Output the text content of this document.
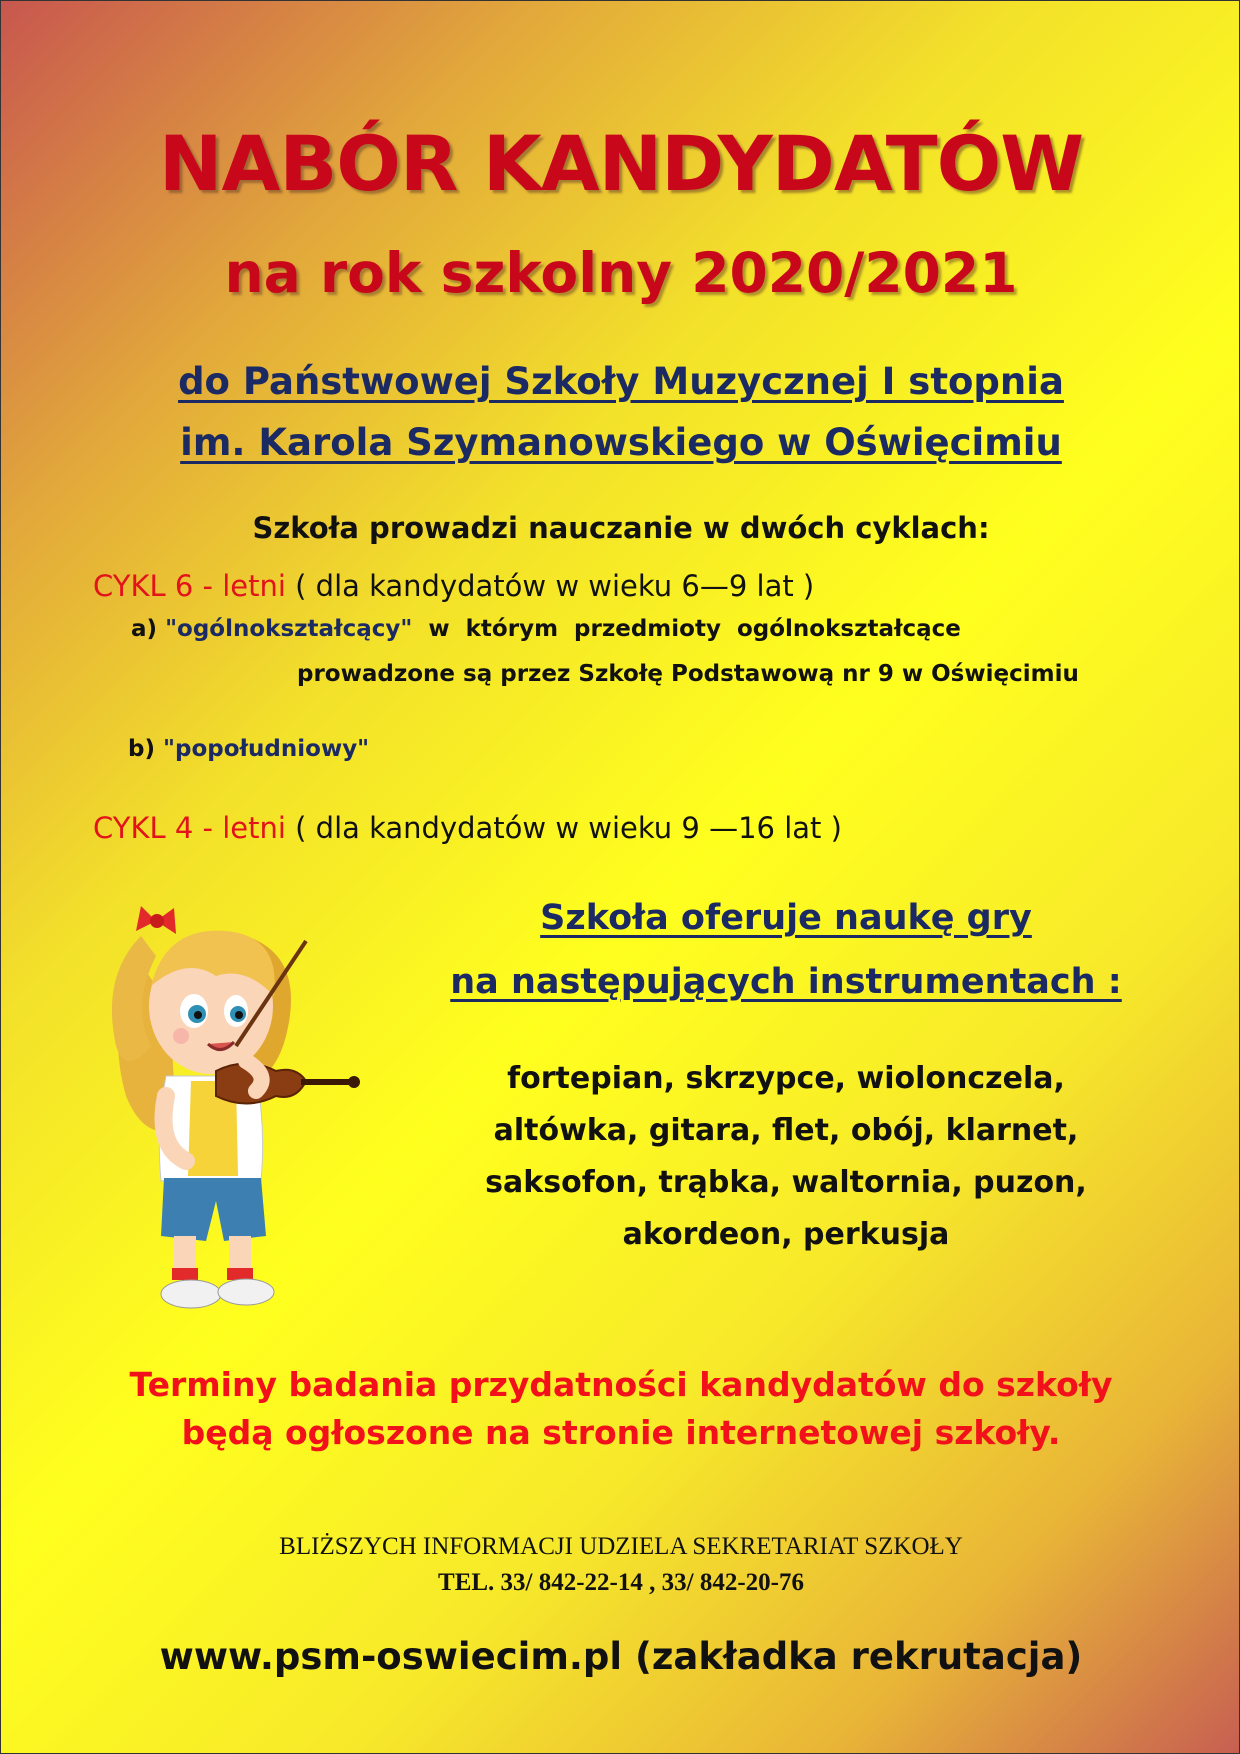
NABÓR KANDYDATÓW
na rok szkolny 2020/2021
do Państwowej Szkoły Muzycznej I stopnia
im. Karola Szymanowskiego w Oświęcimiu
Szkoła prowadzi nauczanie w dwóch cyklach:
CYKL 6 - letni ( dla kandydatów w wieku 6—9 lat )
a) "ogólnokształcący"  w  którym  przedmioty  ogólnokształcące
prowadzone są przez Szkołę Podstawową nr 9 w Oświęcimiu
b) "popołudniowy"
CYKL 4 - letni ( dla kandydatów w wieku 9 —16 lat )
Szkoła oferuje naukę gry
na następujących instrumentach :
fortepian, skrzypce, wiolonczela,
altówka, gitara, flet, obój, klarnet,
saksofon, trąbka, waltornia, puzon,
akordeon, perkusja
Terminy badania przydatności kandydatów do szkoły
będą ogłoszone na stronie internetowej szkoły.
BLIŻSZYCH INFORMACJI UDZIELA SEKRETARIAT SZKOŁY
TEL. 33/ 842-22-14 , 33/ 842-20-76
www.psm-oswiecim.pl (zakładka rekrutacja)
